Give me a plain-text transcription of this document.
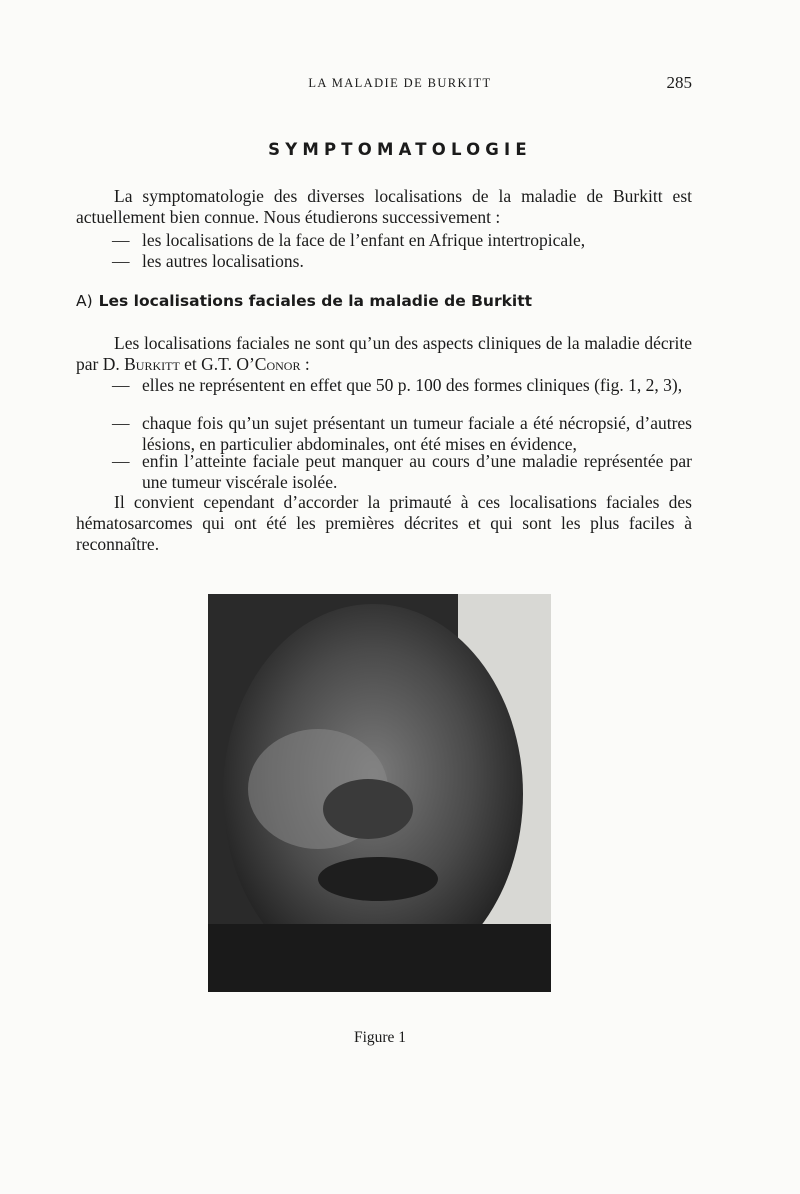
LA MALADIE DE BURKITT	285
SYMPTOMATOLOGIE
La symptomatologie des diverses localisations de la maladie de Burkitt est actuellement bien connue. Nous étudierons successivement :
— les localisations de la face de l’enfant en Afrique intertropicale,
— les autres localisations.
A) Les localisations faciales de la maladie de Burkitt
Les localisations faciales ne sont qu’un des aspects cliniques de la maladie décrite par D. Burkitt et G.T. O’Conor :
— elles ne représentent en effet que 50 p. 100 des formes cliniques (fig. 1, 2, 3),
— chaque fois qu’un sujet présentant un tumeur faciale a été nécropsié, d’autres lésions, en particulier abdominales, ont été mises en évidence,
— enfin l’atteinte faciale peut manquer au cours d’une maladie représentée par une tumeur viscérale isolée.
Il convient cependant d’accorder la primauté à ces localisations faciales des hématosarcomes qui ont été les premières décrites et qui sont les plus faciles à reconnaître.
Figure 1
